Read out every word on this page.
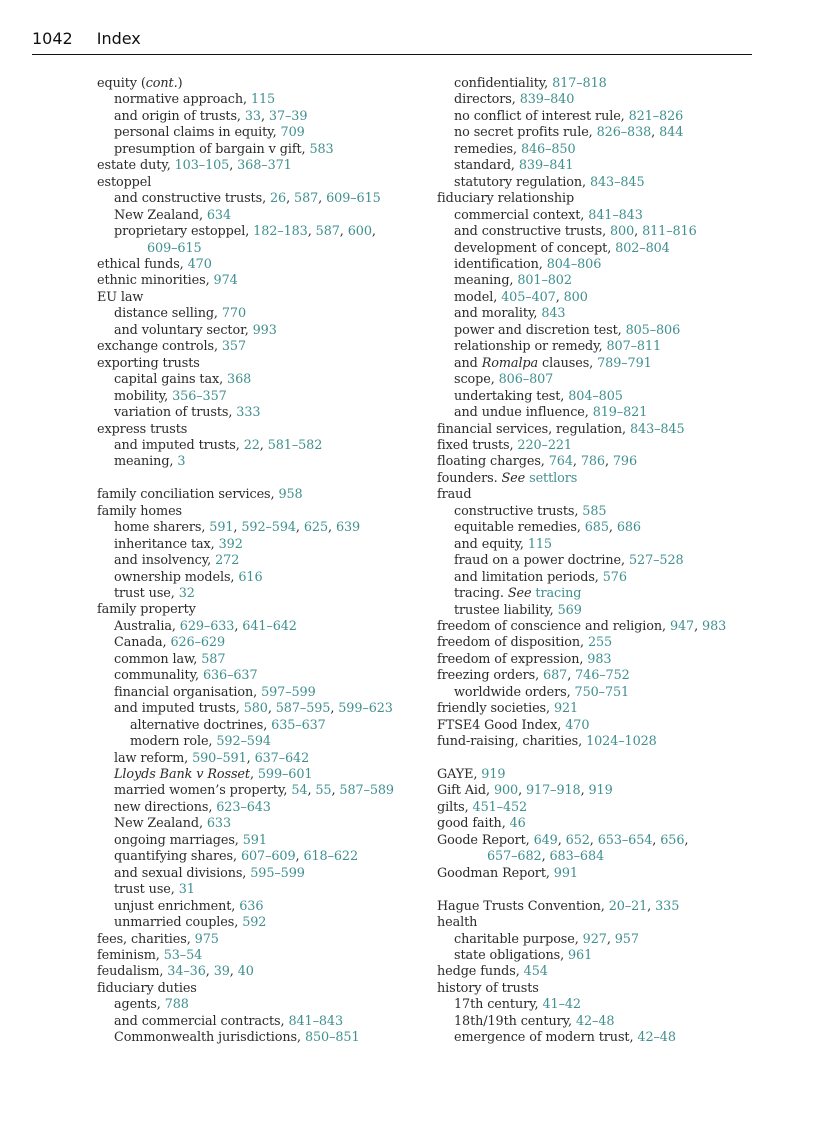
1042 Index
equity (cont.)
normative approach, 115
and origin of trusts, 33, 37–39
personal claims in equity, 709
presumption of bargain v gift, 583
estate duty, 103–105, 368–371
estoppel
and constructive trusts, 26, 587, 609–615
New Zealand, 634
proprietary estoppel, 182–183, 587, 600,
609–615
ethical funds, 470
ethnic minorities, 974
EU law
distance selling, 770
and voluntary sector, 993
exchange controls, 357
exporting trusts
capital gains tax, 368
mobility, 356–357
variation of trusts, 333
express trusts
and imputed trusts, 22, 581–582
meaning, 3
family conciliation services, 958
family homes
home sharers, 591, 592–594, 625, 639
inheritance tax, 392
and insolvency, 272
ownership models, 616
trust use, 32
family property
Australia, 629–633, 641–642
Canada, 626–629
common law, 587
communality, 636–637
financial organisation, 597–599
and imputed trusts, 580, 587–595, 599–623
alternative doctrines, 635–637
modern role, 592–594
law reform, 590–591, 637–642
Lloyds Bank v Rosset, 599–601
married women’s property, 54, 55, 587–589
new directions, 623–643
New Zealand, 633
ongoing marriages, 591
quantifying shares, 607–609, 618–622
and sexual divisions, 595–599
trust use, 31
unjust enrichment, 636
unmarried couples, 592
fees, charities, 975
feminism, 53–54
feudalism, 34–36, 39, 40
fiduciary duties
agents, 788
and commercial contracts, 841–843
Commonwealth jurisdictions, 850–851
confidentiality, 817–818
directors, 839–840
no conflict of interest rule, 821–826
no secret profits rule, 826–838, 844
remedies, 846–850
standard, 839–841
statutory regulation, 843–845
fiduciary relationship
commercial context, 841–843
and constructive trusts, 800, 811–816
development of concept, 802–804
identification, 804–806
meaning, 801–802
model, 405–407, 800
and morality, 843
power and discretion test, 805–806
relationship or remedy, 807–811
and Romalpa clauses, 789–791
scope, 806–807
undertaking test, 804–805
and undue influence, 819–821
financial services, regulation, 843–845
fixed trusts, 220–221
floating charges, 764, 786, 796
founders. See settlors
fraud
constructive trusts, 585
equitable remedies, 685, 686
and equity, 115
fraud on a power doctrine, 527–528
and limitation periods, 576
tracing. See tracing
trustee liability, 569
freedom of conscience and religion, 947, 983
freedom of disposition, 255
freedom of expression, 983
freezing orders, 687, 746–752
worldwide orders, 750–751
friendly societies, 921
FTSE4 Good Index, 470
fund-raising, charities, 1024–1028
GAYE, 919
Gift Aid, 900, 917–918, 919
gilts, 451–452
good faith, 46
Goode Report, 649, 652, 653–654, 656,
657–682, 683–684
Goodman Report, 991
Hague Trusts Convention, 20–21, 335
health
charitable purpose, 927, 957
state obligations, 961
hedge funds, 454
history of trusts
17th century, 41–42
18th/19th century, 42–48
emergence of modern trust, 42–48
